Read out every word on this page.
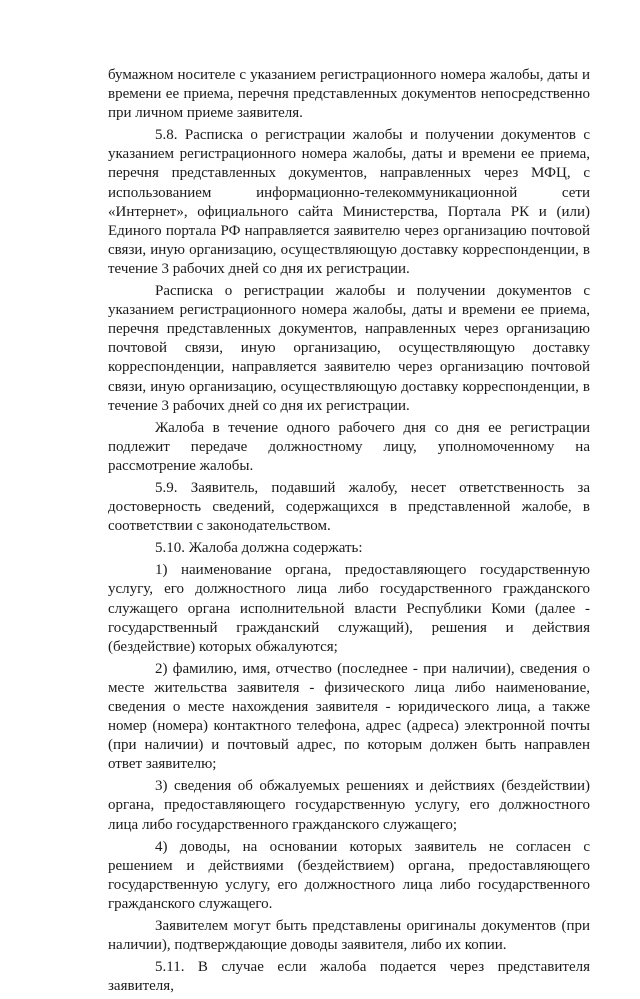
бумажном носителе с указанием регистрационного номера жалобы, даты и времени ее приема, перечня представленных документов непосредственно при личном приеме заявителя.

5.8. Расписка о регистрации жалобы и получении документов с указанием регистрационного номера жалобы, даты и времени ее приема, перечня представленных документов, направленных через МФЦ, с использованием информационно-телекоммуникационной сети «Интернет», официального сайта Министерства, Портала РК и (или) Единого портала РФ направляется заявителю через организацию почтовой связи, иную организацию, осуществляющую доставку корреспонденции, в течение 3 рабочих дней со дня их регистрации.

Расписка о регистрации жалобы и получении документов с указанием регистрационного номера жалобы, даты и времени ее приема, перечня представленных документов, направленных через организацию почтовой связи, иную организацию, осуществляющую доставку корреспонденции, направляется заявителю через организацию почтовой связи, иную организацию, осуществляющую доставку корреспонденции, в течение 3 рабочих дней со дня их регистрации.

Жалоба в течение одного рабочего дня со дня ее регистрации подлежит передаче должностному лицу, уполномоченному на рассмотрение жалобы.

5.9. Заявитель, подавший жалобу, несет ответственность за достоверность сведений, содержащихся в представленной жалобе, в соответствии с законодательством.

5.10. Жалоба должна содержать:

1) наименование органа, предоставляющего государственную услугу, его должностного лица либо государственного гражданского служащего органа исполнительной власти Республики Коми (далее - государственный гражданский служащий), решения и действия (бездействие) которых обжалуются;

2) фамилию, имя, отчество (последнее - при наличии), сведения о месте жительства заявителя - физического лица либо наименование, сведения о месте нахождения заявителя - юридического лица, а также номер (номера) контактного телефона, адрес (адреса) электронной почты (при наличии) и почтовый адрес, по которым должен быть направлен ответ заявителю;

3) сведения об обжалуемых решениях и действиях (бездействии) органа, предоставляющего государственную услугу, его должностного лица либо государственного гражданского служащего;

4) доводы, на основании которых заявитель не согласен с решением и действиями (бездействием) органа, предоставляющего государственную услугу, его должностного лица либо государственного гражданского служащего.

Заявителем могут быть представлены оригиналы документов (при наличии), подтверждающие доводы заявителя, либо их копии.

5.11. В случае если жалоба подается через представителя заявителя,
